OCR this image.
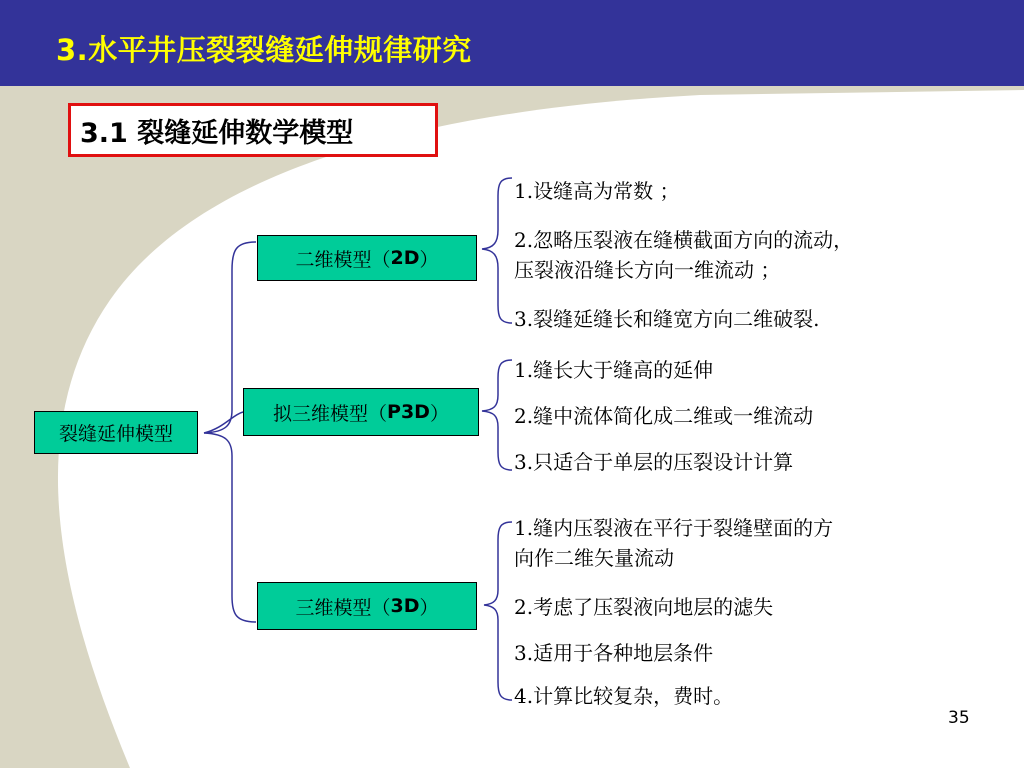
3.水平井压裂裂缝延伸规律研究
3.1 裂缝延伸数学模型
裂缝延伸模型
二维模型（ 2D ）
拟三维模型（ P3D ）
三维模型（ 3D ）
1.设缝高为常数 ；
2.忽略压裂液在缝横截面方向的流动，
压裂液沿缝长方向一维流动 ；
3.裂缝延缝长和缝宽方向二维破裂.
1.缝长大于缝高的延伸
2.缝中流体简化成二维或一维流动
3.只适合于单层的压裂设计计算
1.缝内压裂液在平行于裂缝壁面的方
向作二维矢量流动
2.考虑了压裂液向地层的滤失
3.适用于各种地层条件
4.计算比较复杂，费时。
35
